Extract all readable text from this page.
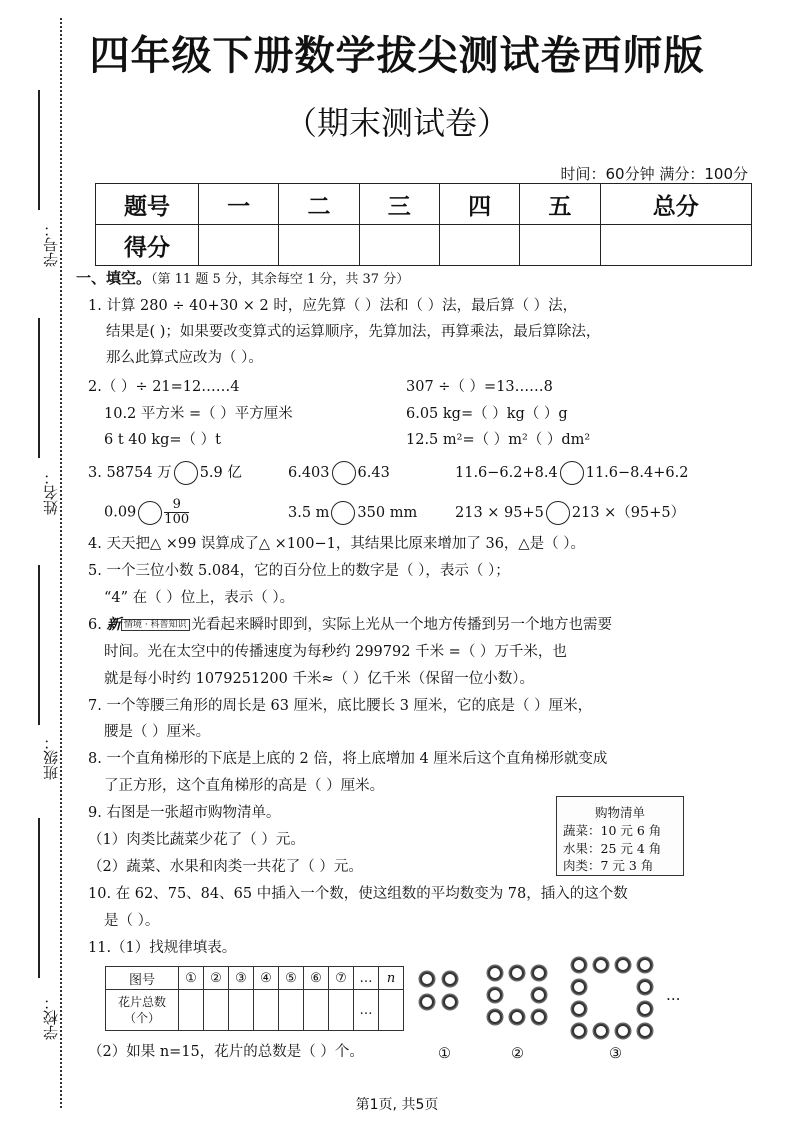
学号：
姓名：
班级：
学校：
四年级下册数学拔尖测试卷西师版
（期末测试卷）
时间：60分钟 满分：100分
题号	一	二	三	四	五	总分
得分						
一、填空。（第 11 题 5 分，其余每空 1 分，共 37 分）
1. 计算 280 ÷ 40+30 × 2 时，应先算（ ）法和（ ）法，最后算（ ）法，
结果是( )；如果要改变算式的运算顺序，先算加法，再算乘法，最后算除法，
那么此算式应改为（ ）。
2.（ ）÷ 21=12……4	307 ÷（ ）=13……8
10.2 平方米 =（ ）平方厘米	6.05 kg=（ ）kg（ ）g
6 t 40 kg=（ ）t	12.5 m²=（ ）m²（ ）dm²
3. 58754 万 5.9 亿	6.403 6.43	11.6−6.2+8.4 11.6−8.4+6.2
$0.09 \frac{9}{100}$	3.5 m 350 mm	213 × 95+5 213 ×（95+5）
4. 天天把△ ×99 误算成了△ ×100−1，其结果比原来增加了 36，△是（ ）。
5. 一个三位小数 5.084，它的百分位上的数字是（ ），表示（ ）；
“4” 在（ ）位上，表示（ ）。
6. 新 情境 · 科普知识 光看起来瞬时即到，实际上光从一个地方传播到另一个地方也需要
时间。光在太空中的传播速度为每秒约 299792 千米 =（ ）万千米，也
就是每小时约 1079251200 千米≈（ ）亿千米（保留一位小数）。
7. 一个等腰三角形的周长是 63 厘米，底比腰长 3 厘米，它的底是（ ）厘米，
腰是（ ）厘米。
8. 一个直角梯形的下底是上底的 2 倍，将上底增加 4 厘米后这个直角梯形就变成
了正方形，这个直角梯形的高是（ ）厘米。
9. 右图是一张超市购物清单。
（1）肉类比蔬菜少花了（ ）元。
（2）蔬菜、水果和肉类一共花了（ ）元。
购物清单
蔬菜：10 元 6 角
水果：25 元 4 角
肉类：7 元 3 角
10. 在 62、75、84、65 中插入一个数，使这组数的平均数变为 78，插入的这个数
是（ ）。
11.（1）找规律填表。
图号	①	②	③	④	⑤	⑥	⑦	…	n
花片总数（个）								…	
…
①	②	③
（2）如果 n=15，花片的总数是（ ）个。
第1页, 共5页
